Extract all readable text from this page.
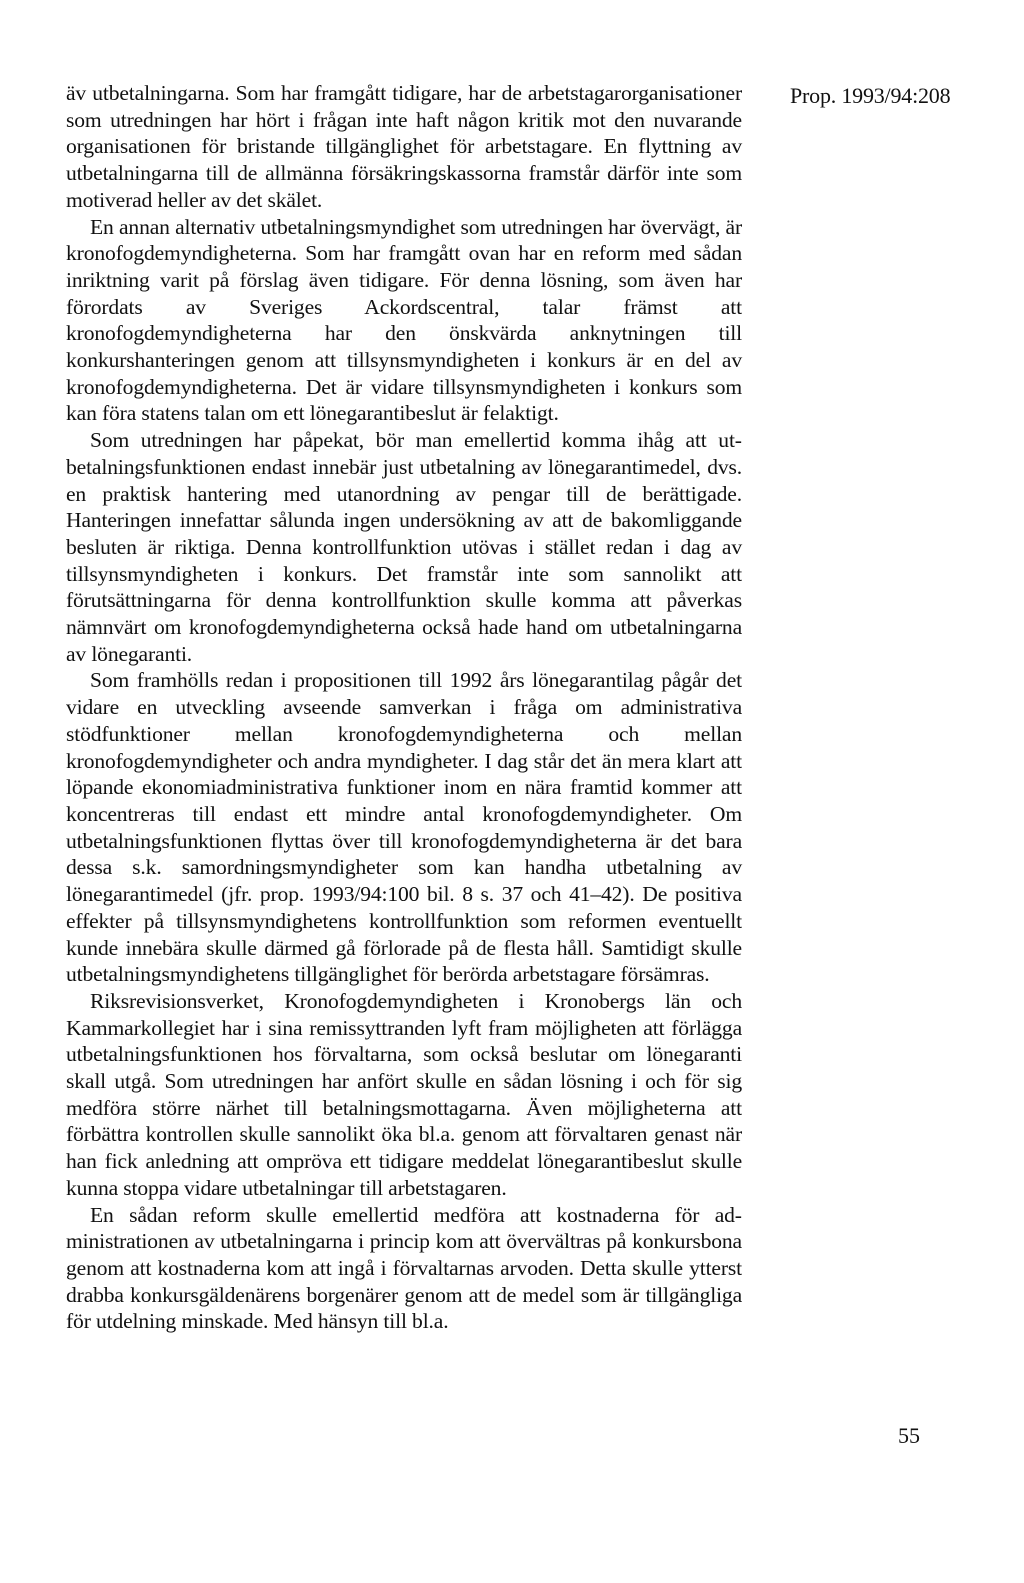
Prop. 1993/94:208

äv utbetalningarna. Som har framgått tidigare, har de arbetstagarorganisationer som utredningen har hört i frågan inte haft någon kritik mot den nuvarande organisationen för bristande tillgänglighet för arbetstagare. En flyttning av utbetalningarna till de allmänna försäkringskassorna framstår därför inte som motiverad heller av det skälet.

En annan alternativ utbetalningsmyndighet som utredningen har övervägt, är kronofogdemyndigheterna. Som har framgått ovan har en reform med sådan inriktning varit på förslag även tidigare. För denna lösning, som även har förordats av Sveriges Ackordscentral, talar främst att kronofogdemyndigheterna har den önskvärda anknytningen till konkurshanteringen genom att tillsynsmyndigheten i konkurs är en del av kronofogdemyndigheterna. Det är vidare tillsynsmyndigheten i konkurs som kan föra statens talan om ett lönegarantibeslut är felaktigt.

Som utredningen har påpekat, bör man emellertid komma ihåg att utbetalningsfunktionen endast innebär just utbetalning av lönegarantimedel, dvs. en praktisk hantering med utanordning av pengar till de berättigade. Hanteringen innefattar sålunda ingen undersökning av att de bakomliggande besluten är riktiga. Denna kontrollfunktion utövas i stället redan i dag av tillsynsmyndigheten i konkurs. Det framstår inte som sannolikt att förutsättningarna för denna kontrollfunktion skulle komma att påverkas nämnvärt om kronofogdemyndigheterna också hade hand om utbetalningarna av lönegaranti.

Som framhölls redan i propositionen till 1992 års lönegarantilag pågår det vidare en utveckling avseende samverkan i fråga om administrativa stödfunktioner mellan kronofogdemyndigheterna och mellan kronofogdemyndigheter och andra myndigheter. I dag står det än mera klart att löpande ekonomiadministrativa funktioner inom en nära framtid kommer att koncentreras till endast ett mindre antal kronofogdemyndigheter. Om utbetalningsfunktionen flyttas över till kronofogdemyndigheterna är det bara dessa s.k. samordningsmyndigheter som kan handha utbetalning av lönegarantimedel (jfr. prop. 1993/94:100 bil. 8 s. 37 och 41–42). De positiva effekter på tillsynsmyndighetens kontrollfunktion som reformen eventuellt kunde innebära skulle därmed gå förlorade på de flesta håll. Samtidigt skulle utbetalningsmyndighetens tillgänglighet för berörda arbetstagare försämras.

Riksrevisionsverket, Kronofogdemyndigheten i Kronobergs län och Kammarkollegiet har i sina remissyttranden lyft fram möjligheten att förlägga utbetalningsfunktionen hos förvaltarna, som också beslutar om lönegaranti skall utgå. Som utredningen har anfört skulle en sådan lösning i och för sig medföra större närhet till betalningsmottagarna. Även möjligheterna att förbättra kontrollen skulle sannolikt öka bl.a. genom att förvaltaren genast när han fick anledning att ompröva ett tidigare meddelat lönegarantibeslut skulle kunna stoppa vidare utbetalningar till arbetstagaren.

En sådan reform skulle emellertid medföra att kostnaderna för administrationen av utbetalningarna i princip kom att övervältras på konkursbona genom att kostnaderna kom att ingå i förvaltarnas arvoden. Detta skulle ytterst drabba konkursgäldenärens borgenärer genom att de medel som är tillgängliga för utdelning minskade. Med hänsyn till bl.a.

55
